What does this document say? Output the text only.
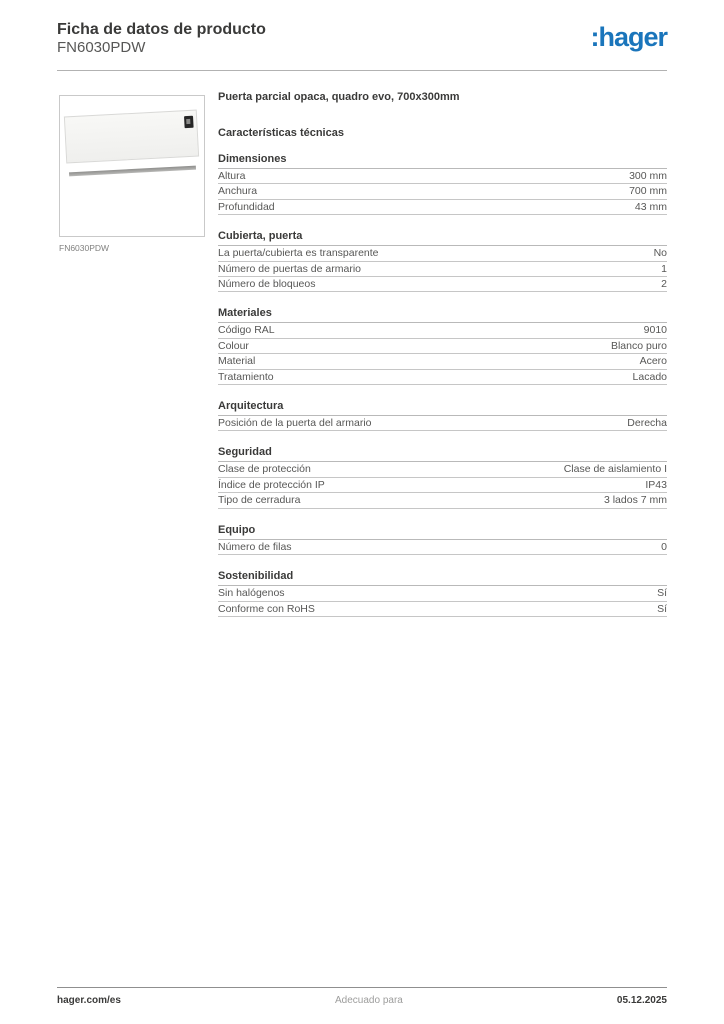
Ficha de datos de producto
FN6030PDW	:hager
FN6030PDW
Puerta parcial opaca, quadro evo, 700x300mm
Características técnicas
Dimensiones
Altura	300 mm
Anchura	700 mm
Profundidad	43 mm
Cubierta, puerta
La puerta/cubierta es transparente	No
Número de puertas de armario	1
Número de bloqueos	2
Materiales
Código RAL	9010
Colour	Blanco puro
Material	Acero
Tratamiento	Lacado
Arquitectura
Posición de la puerta del armario	Derecha
Seguridad
Clase de protección	Clase de aislamiento I
Índice de protección IP	IP43
Tipo de cerradura	3 lados 7 mm
Equipo
Número de filas	0
Sostenibilidad
Sin halógenos	Sí
Conforme con RoHS	Sí
hager.com/es	Adecuado para	05.12.2025
